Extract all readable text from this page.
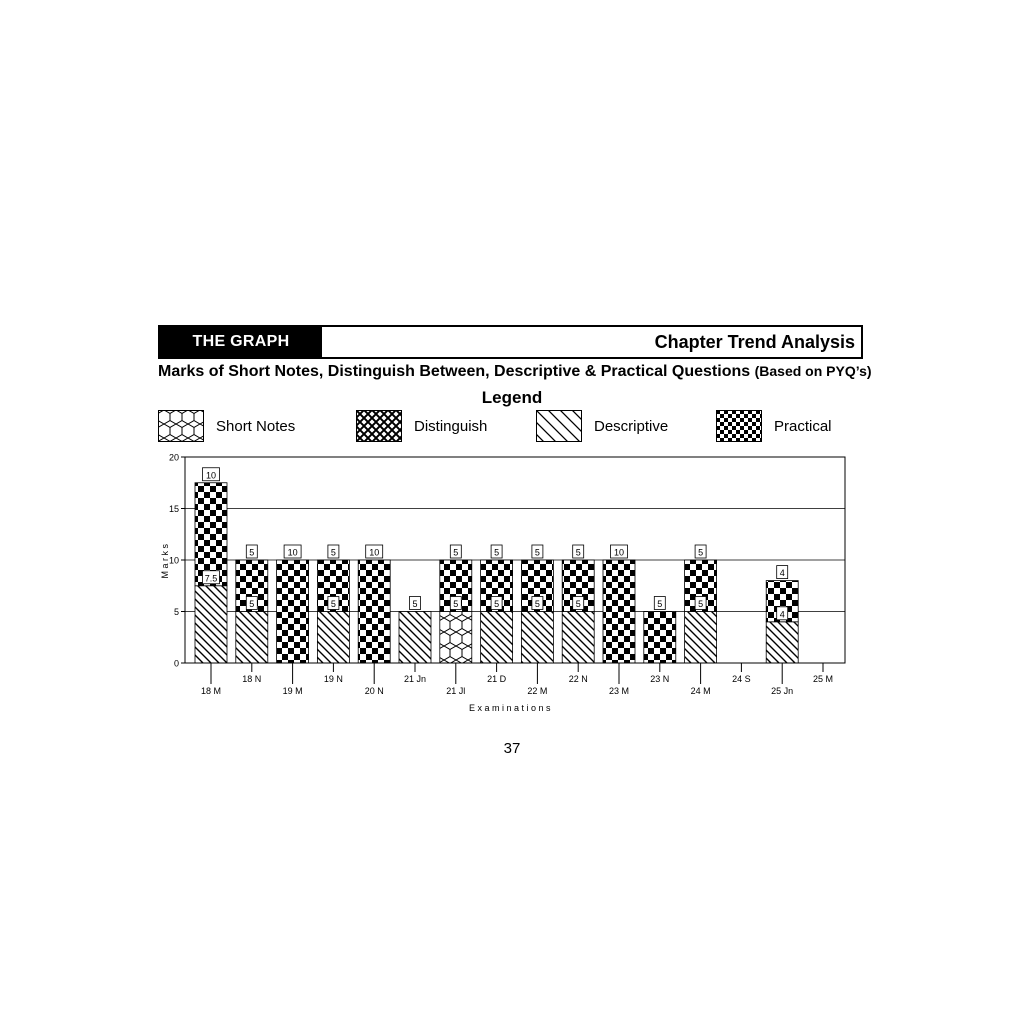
THE GRAPH	Chapter Trend Analysis
Marks of Short Notes, Distinguish Between, Descriptive & Practical Questions (Based on PYQ’s)
Legend
Short Notes	Distinguish	Descriptive	Practical
0
5
10
15
20
7.5
10
18 M
5
5
18 N
10
19 M
5
5
19 N
10
20 N
5
21 Jn
5
5
21 Jl
5
5
21 D
5
5
22 M
5
5
22 N
10
23 M
5
23 N
5
5
24 M
24 S
4
4
25 Jn
25 M
Examinations
Marks
37
